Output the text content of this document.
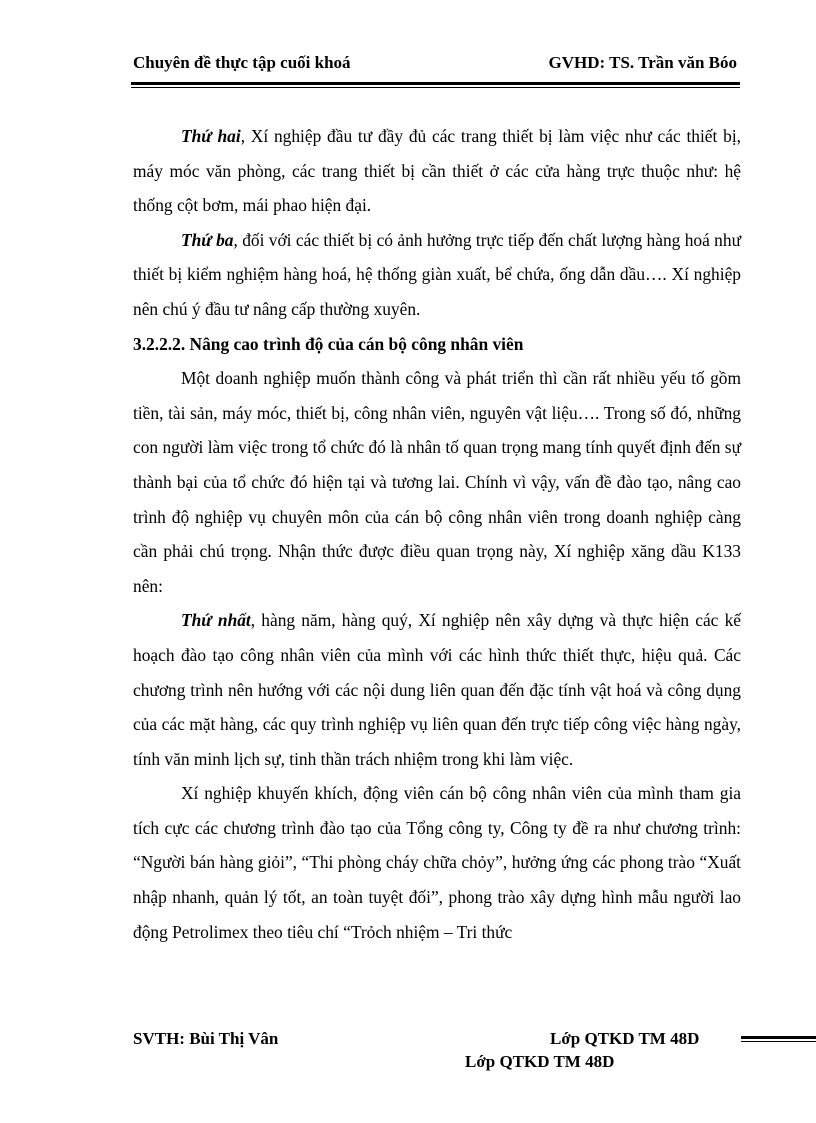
Chuyên đề thực tập cuối khoá	GVHD: TS. Trần văn Bóo

Thứ hai, Xí nghiệp đầu tư đầy đủ các trang thiết bị làm việc như các thiết bị, máy móc văn phòng, các trang thiết bị cần thiết ở các cửa hàng trực thuộc như: hệ thống cột bơm, mái phao hiện đại.

Thứ ba, đối với các thiết bị có ảnh hưởng trực tiếp đến chất lượng hàng hoá như thiết bị kiểm nghiệm hàng hoá, hệ thống giàn xuất, bể chứa, ống dẫn dầu…. Xí nghiệp nên chú ý đầu tư nâng cấp thường xuyên.

3.2.2.2. Nâng cao trình độ của cán bộ công nhân viên

Một doanh nghiệp muốn thành công và phát triển thì cần rất nhiều yếu tố gồm tiền, tài sản, máy móc, thiết bị, công nhân viên, nguyên vật liệu…. Trong số đó, những con người làm việc trong tổ chức đó là nhân tố quan trọng mang tính quyết định đến sự thành bại của tổ chức đó hiện tại và tương lai. Chính vì vậy, vấn đề đào tạo, nâng cao trình độ nghiệp vụ chuyên môn của cán bộ công nhân viên trong doanh nghiệp càng cần phải chú trọng. Nhận thức được điều quan trọng này, Xí nghiệp xăng dầu K133 nên:

Thứ nhất, hàng năm, hàng quý, Xí nghiệp nên xây dựng và thực hiện các kế hoạch đào tạo công nhân viên của mình với các hình thức thiết thực, hiệu quả. Các chương trình nên hướng với các nội dung liên quan đến đặc tính vật hoá và công dụng của các mặt hàng, các quy trình nghiệp vụ liên quan đến trực tiếp công việc hàng ngày, tính văn minh lịch sự, tinh thần trách nhiệm trong khi làm việc.

Xí nghiệp khuyến khích, động viên cán bộ công nhân viên của mình tham gia tích cực các chương trình đào tạo của Tổng công ty, Công ty đề ra như chương trình: “Người bán hàng giỏi”, “Thi phòng cháy chữa chỏy”, hưởng ứng các phong trào “Xuất nhập nhanh, quản lý tốt, an toàn tuyệt đối”, phong trào xây dựng hình mẫu người lao động Petrolimex theo tiêu chí “Trỏch nhiệm – Tri thức

SVTH: Bùi Thị Vân	Lớp QTKD TM 48D
Lớp QTKD TM 48D
